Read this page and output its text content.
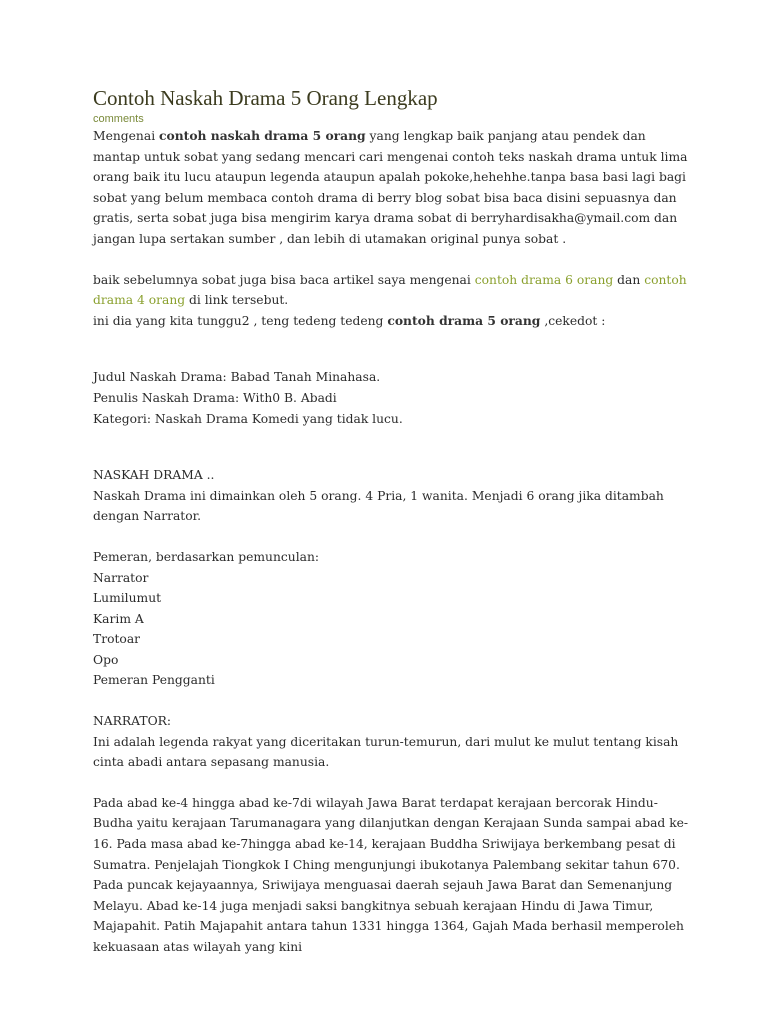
Contoh Naskah Drama 5 Orang Lengkap
comments

Mengenai contoh naskah drama 5 orang yang lengkap baik panjang atau pendek dan mantap untuk sobat yang sedang mencari cari mengenai contoh teks naskah drama untuk lima orang baik itu lucu ataupun legenda ataupun apalah pokoke,hehehhe.tanpa basa basi lagi bagi sobat yang belum membaca contoh drama di berry blog sobat bisa baca disini sepuasnya dan gratis, serta sobat juga bisa mengirim karya drama sobat di berryhardisakha@ymail.com dan jangan lupa sertakan sumber , dan lebih di utamakan original punya sobat .

baik sebelumnya sobat juga bisa baca artikel saya mengenai contoh drama 6 orang dan contoh drama 4 orang di link tersebut.

ini dia yang kita tunggu2 , teng tedeng tedeng contoh drama 5 orang ,cekedot :

Judul Naskah Drama: Babad Tanah Minahasa.

Penulis Naskah Drama: With0 B. Abadi

Kategori: Naskah Drama Komedi yang tidak lucu.

NASKAH DRAMA ..

Naskah Drama ini dimainkan oleh 5 orang. 4 Pria, 1 wanita. Menjadi 6 orang jika ditambah dengan Narrator.

Pemeran, berdasarkan pemunculan:

Narrator

Lumilumut

Karim A

Trotoar

Opo

Pemeran Pengganti

NARRATOR:

Ini adalah legenda rakyat yang diceritakan turun-temurun, dari mulut ke mulut tentang kisah cinta abadi antara sepasang manusia.

Pada abad ke-4 hingga abad ke-7di wilayah Jawa Barat terdapat kerajaan bercorak Hindu-Budha yaitu kerajaan Tarumanagara yang dilanjutkan dengan Kerajaan Sunda sampai abad ke-16. Pada masa abad ke-7hingga abad ke-14, kerajaan Buddha Sriwijaya berkembang pesat di Sumatra. Penjelajah Tiongkok I Ching mengunjungi ibukotanya Palembang sekitar tahun 670. Pada puncak kejayaannya, Sriwijaya menguasai daerah sejauh Jawa Barat dan Semenanjung Melayu. Abad ke-14 juga menjadi saksi bangkitnya sebuah kerajaan Hindu di Jawa Timur, Majapahit. Patih Majapahit antara tahun 1331 hingga 1364, Gajah Mada berhasil memperoleh kekuasaan atas wilayah yang kini
